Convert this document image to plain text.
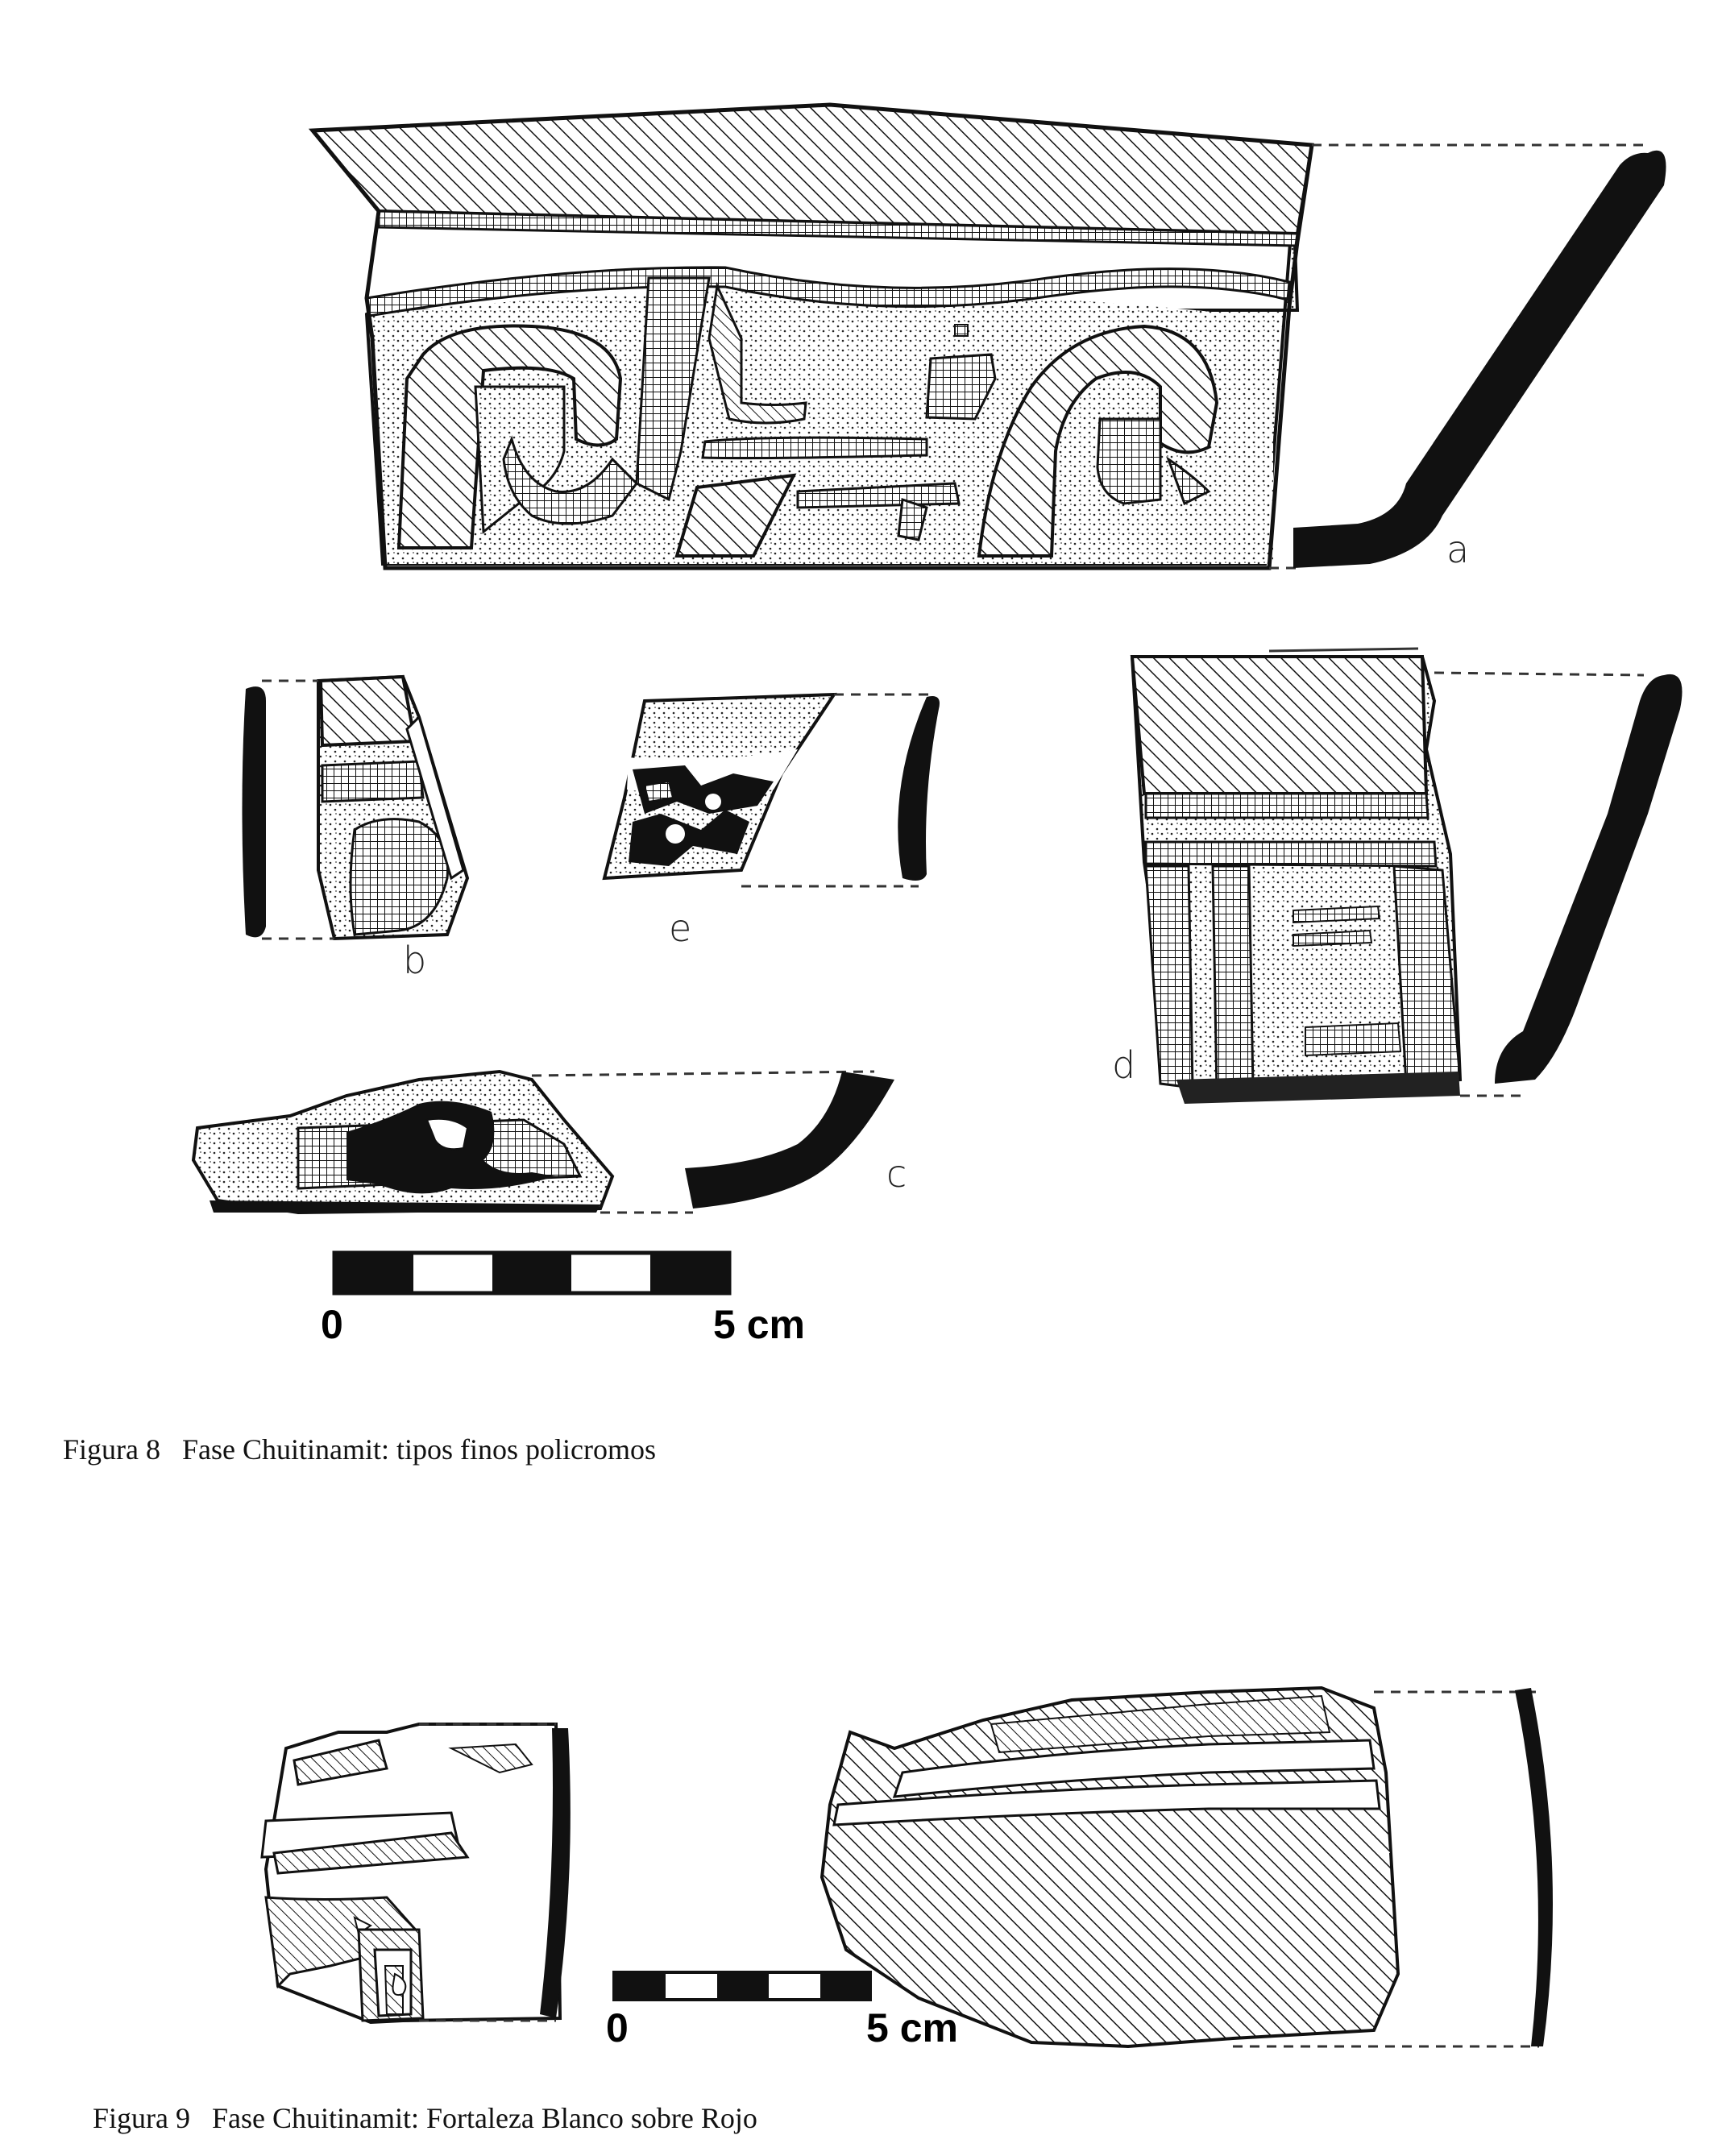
a
b
c
d
e
0	5 cm
0	5 cm
Figura 8   Fase Chuitinamit: tipos finos policromos
Figura 9   Fase Chuitinamit: Fortaleza Blanco sobre Rojo
